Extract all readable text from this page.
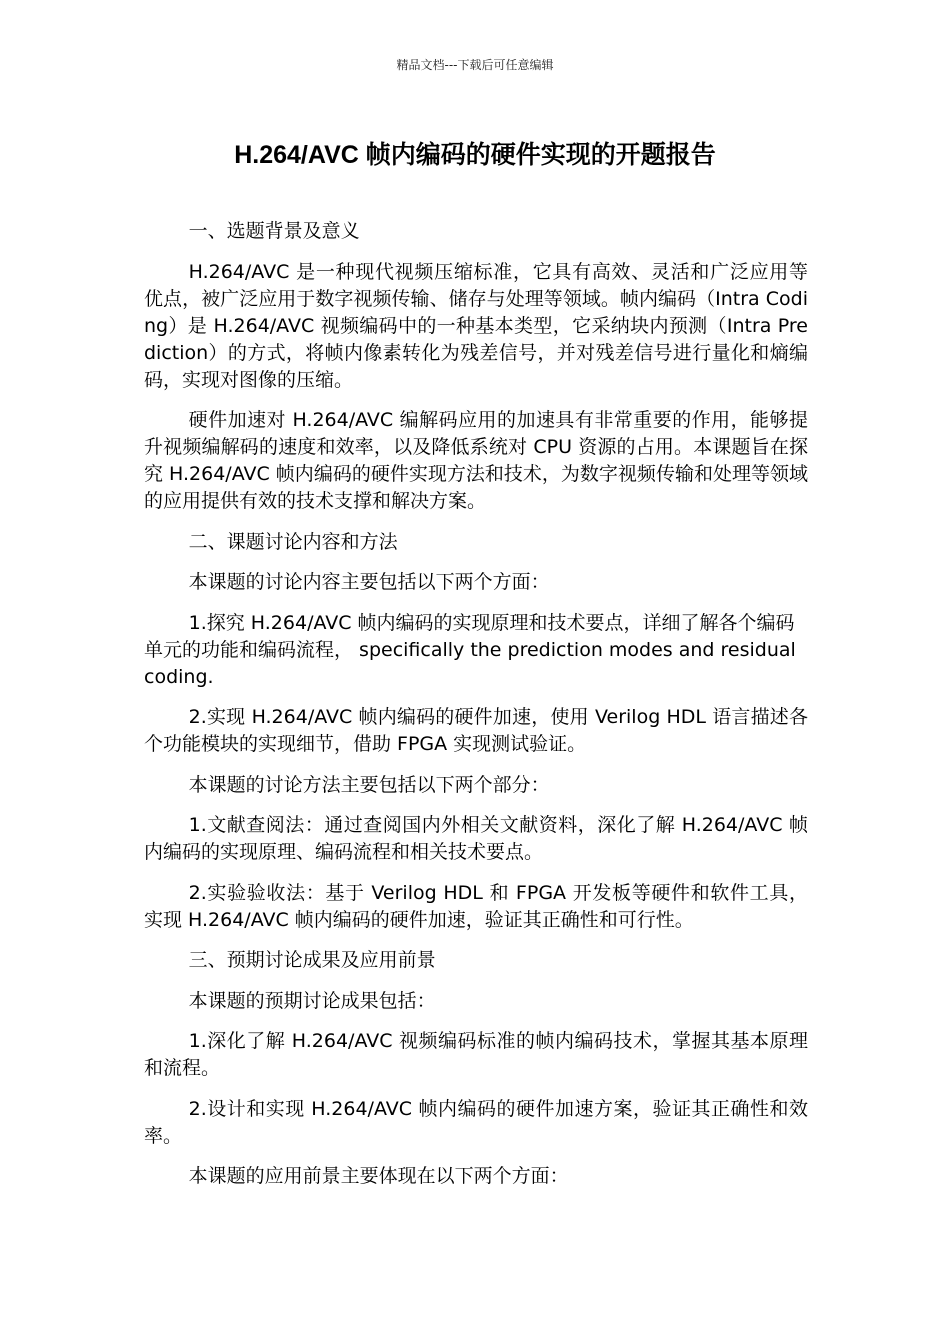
精品文档---下载后可任意编辑
H.264/AVC 帧内编码的硬件实现的开题报告

一、选题背景及意义

H.264/AVC 是一种现代视频压缩标准，它具有高效、灵活和广泛应用等优点，被广泛应用于数字视频传输、储存与处理等领域。帧内编码（Intra Coding）是 H.264/AVC 视频编码中的一种基本类型，它采纳块内预测（Intra Prediction）的方式，将帧内像素转化为残差信号，并对残差信号进行量化和熵编码，实现对图像的压缩。

硬件加速对 H.264/AVC 编解码应用的加速具有非常重要的作用，能够提升视频编解码的速度和效率，以及降低系统对 CPU 资源的占用。本课题旨在探究 H.264/AVC 帧内编码的硬件实现方法和技术，为数字视频传输和处理等领域的应用提供有效的技术支撑和解决方案。

二、课题讨论内容和方法

本课题的讨论内容主要包括以下两个方面：

1.探究 H.264/AVC 帧内编码的实现原理和技术要点，详细了解各个编码单元的功能和编码流程， specifically the prediction modes and residual coding.

2.实现 H.264/AVC 帧内编码的硬件加速，使用 Verilog HDL 语言描述各个功能模块的实现细节，借助 FPGA 实现测试验证。

本课题的讨论方法主要包括以下两个部分：

1.文献查阅法：通过查阅国内外相关文献资料，深化了解 H.264/AVC 帧内编码的实现原理、编码流程和相关技术要点。

2.实验验收法：基于 Verilog HDL 和 FPGA 开发板等硬件和软件工具，实现 H.264/AVC 帧内编码的硬件加速，验证其正确性和可行性。

三、预期讨论成果及应用前景

本课题的预期讨论成果包括：

1.深化了解 H.264/AVC 视频编码标准的帧内编码技术，掌握其基本原理和流程。

2.设计和实现 H.264/AVC 帧内编码的硬件加速方案，验证其正确性和效率。

本课题的应用前景主要体现在以下两个方面：
